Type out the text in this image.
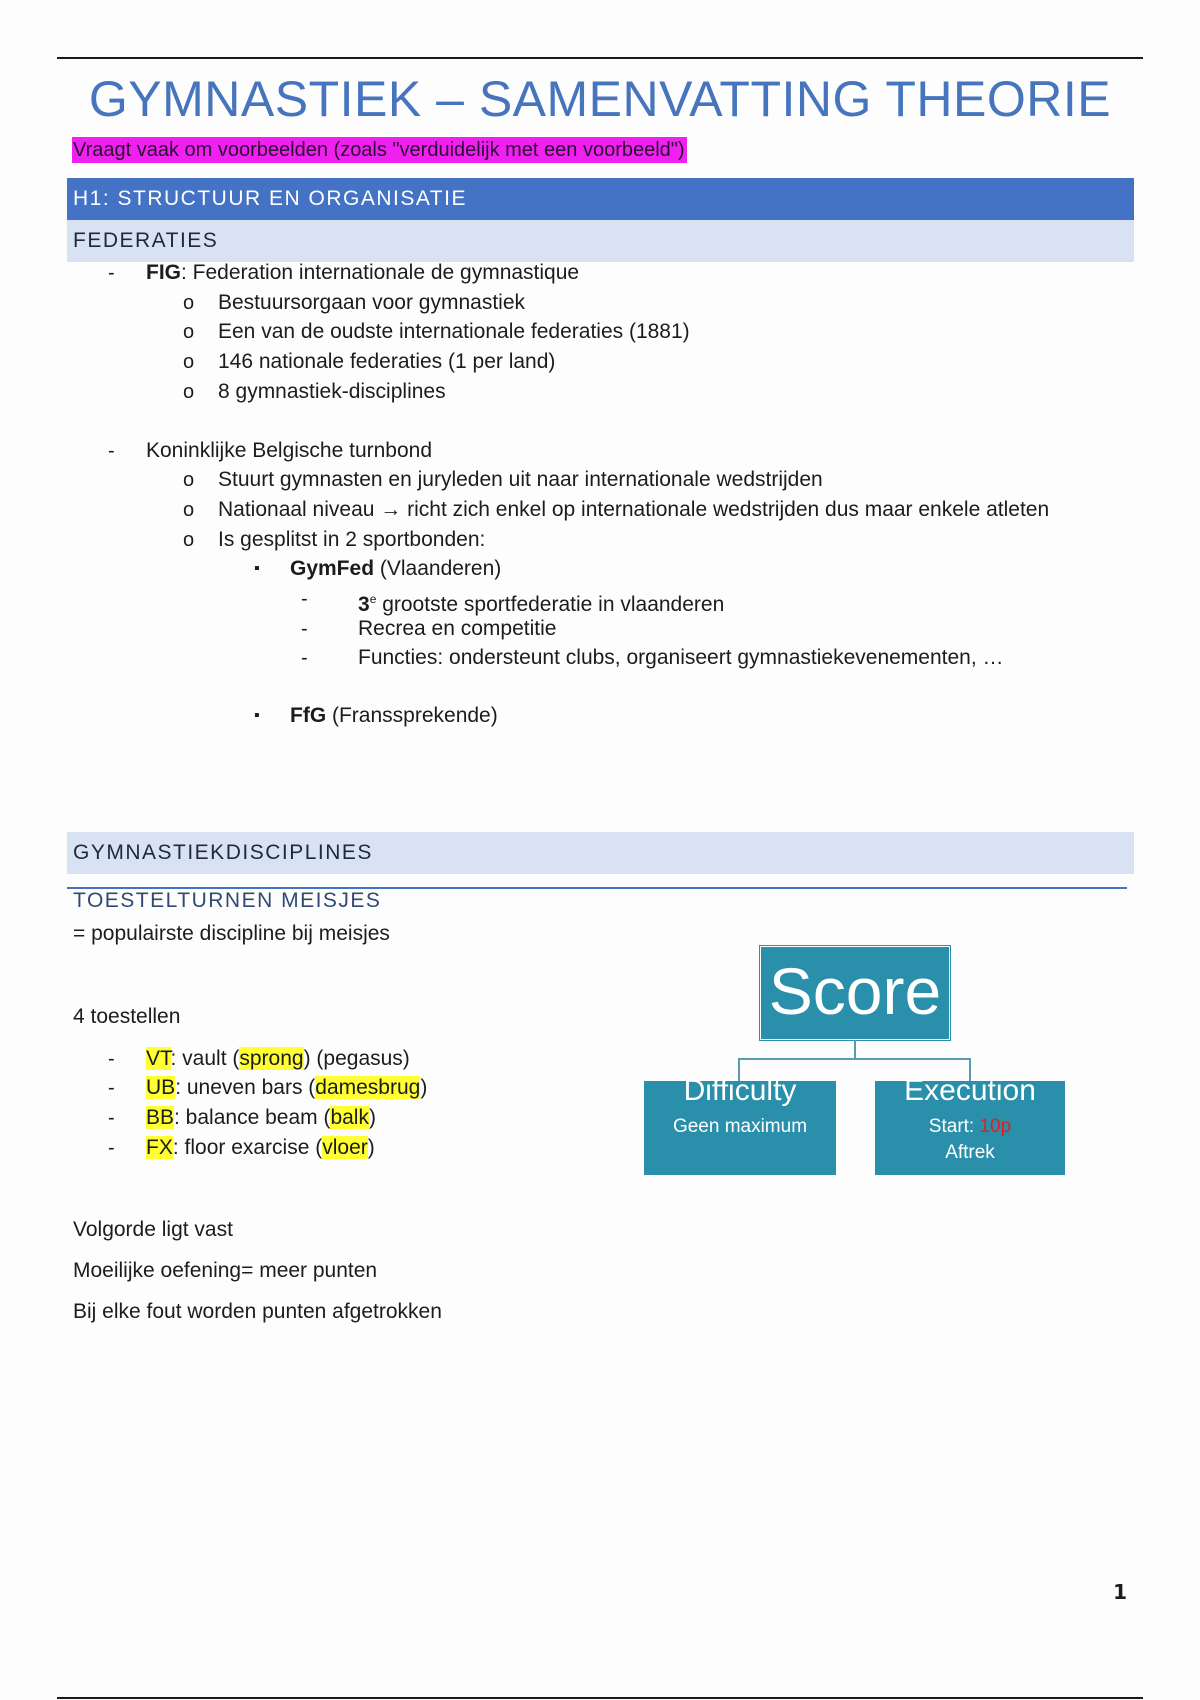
GYMNASTIEK – SAMENVATTING THEORIE
Vraagt vaak om voorbeelden (zoals "verduidelijk met een voorbeeld")
H1: STRUCTUUR EN ORGANISATIE
FEDERATIES
- FIG: Federation internationale de gymnastique
o Bestuursorgaan voor gymnastiek
o Een van de oudste internationale federaties (1881)
o 146 nationale federaties (1 per land)
o 8 gymnastiek-disciplines
- Koninklijke Belgische turnbond
o Stuurt gymnasten en juryleden uit naar internationale wedstrijden
o Nationaal niveau → richt zich enkel op internationale wedstrijden dus maar enkele atleten
o Is gesplitst in 2 sportbonden:
▪ GymFed (Vlaanderen)
- 3e grootste sportfederatie in vlaanderen
- Recrea en competitie
- Functies: ondersteunt clubs, organiseert gymnastiekevenementen, …
▪ FfG (Franssprekende)
GYMNASTIEKDISCIPLINES
TOESTELTURNEN MEISJES
= populairste discipline bij meisjes
4 toestellen
- VT: vault (sprong) (pegasus)
- UB: uneven bars (damesbrug)
- BB: balance beam (balk)
- FX: floor exarcise (vloer)
Volgorde ligt vast
Moeilijke oefening= meer punten
Bij elke fout worden punten afgetrokken
Score
Difficulty
Geen maximum
Execution
Start: 10p
Aftrek
1
